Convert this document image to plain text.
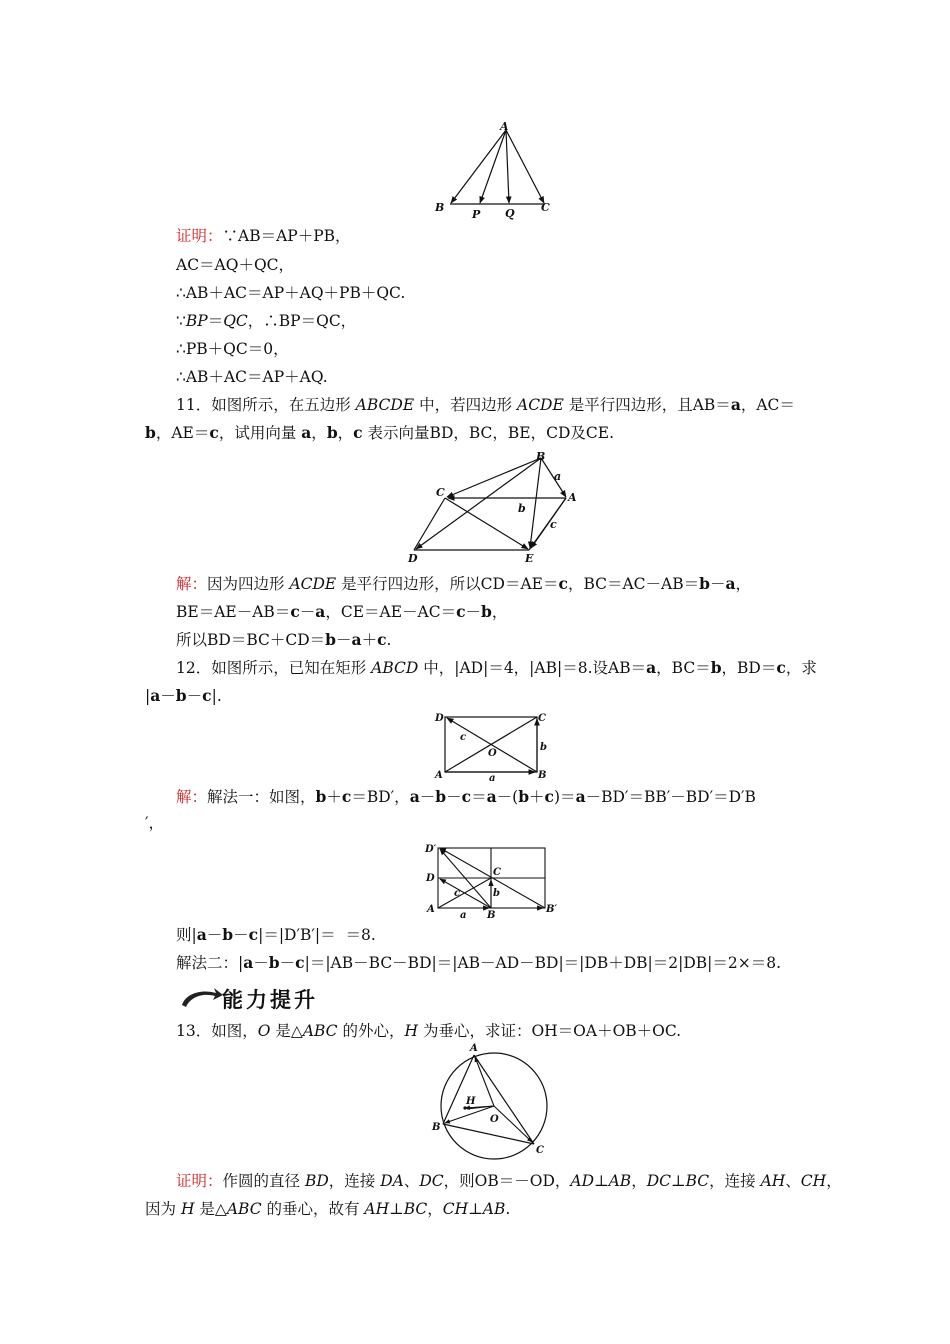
A
B
P Q C
证明：∵AB＝AP＋PB，
AC＝AQ＋QC，
∴AB＋AC＝AP＋AQ＋PB＋QC.
∵BP＝QC，∴BP＝QC，
∴PB＋QC＝0，
∴AB＋AC＝AP＋AQ.
11．如图所示，在五边形 ABCDE 中，若四边形 ACDE 是平行四边形，且AB＝a，AC＝
b，AE＝c，试用向量 a，b，c 表示向量BD，BC，BE，CD及CE.
B
C	A
D	E
a
b
c
解：因为四边形 ACDE 是平行四边形，所以CD＝AE＝c，BC＝AC－AB＝b－a，
BE＝AE－AB＝c－a，CE＝AE－AC＝c－b，
所以BD＝BC＋CD＝b－a＋c.
12．如图所示，已知在矩形 ABCD 中，|AD|＝4，|AB|＝8.设AB＝a，BC＝b，BD＝c，求
|a－b－c|.
D	C
A	B
O
a
b
c
解：解法一：如图，b＋c＝BD′，a－b－c＝a－(b＋c)＝a－BD′＝BB′－BD′＝D′B
′，
D′
D
A
B
B′
C
a
b
c
则|a－b－c|＝|D′B′|＝  ＝8.
解法二：|a－b－c|＝|AB－BC－BD|＝|AB－AD－BD|＝|DB＋DB|＝2|DB|＝2×＝8.
能力提升
13．如图，O 是△ABC 的外心，H 为垂心，求证：OH＝OA＋OB＋OC.
A
B
C
H
O
证明：作圆的直径 BD，连接 DA、DC，则OB＝－OD，AD⊥AB，DC⊥BC，连接 AH、CH，
因为 H 是△ABC 的垂心，故有 AH⊥BC，CH⊥AB.
